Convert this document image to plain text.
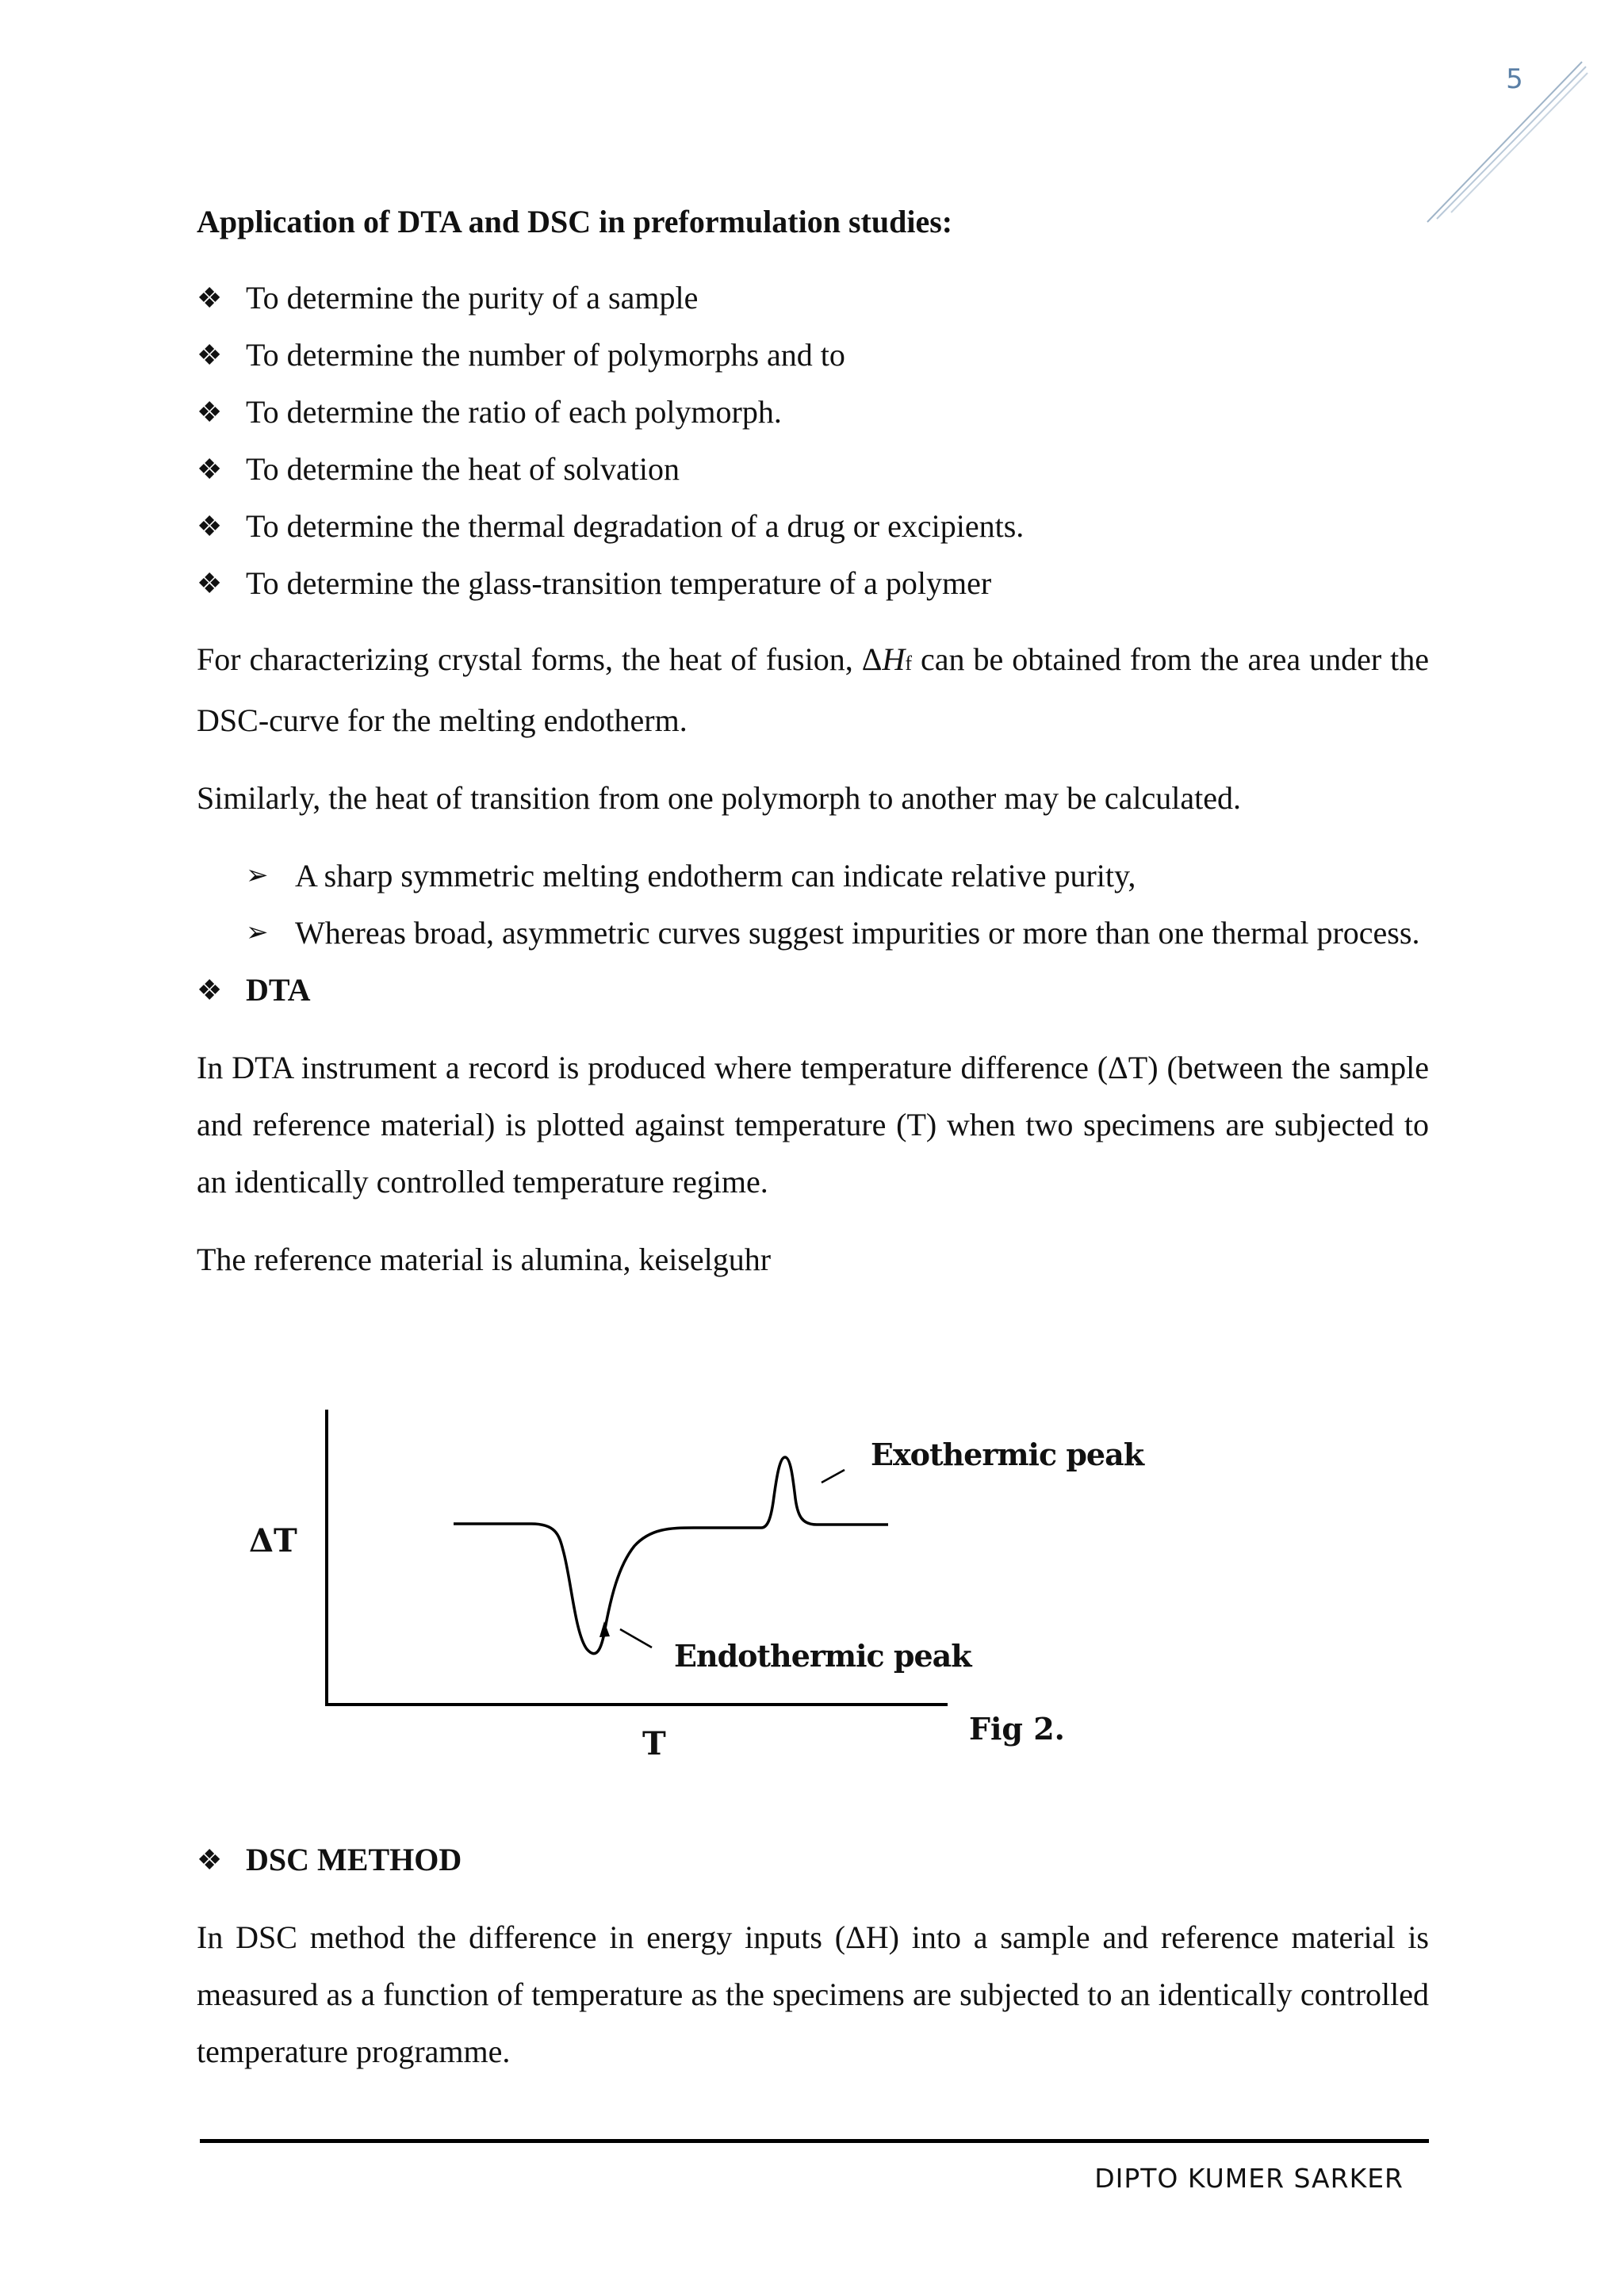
5

Application of DTA and DSC in preformulation studies:

❖ To determine the purity of a sample
❖ To determine the number of polymorphs and to
❖ To determine the ratio of each polymorph.
❖ To determine the heat of solvation
❖ To determine the thermal degradation of a drug or excipients.
❖ To determine the glass-transition temperature of a polymer

For characterizing crystal forms, the heat of fusion, ΔHf can be obtained from the area under the DSC-curve for the melting endotherm.

Similarly, the heat of transition from one polymorph to another may be calculated.

➢ A sharp symmetric melting endotherm can indicate relative purity,
➢ Whereas broad, asymmetric curves suggest impurities or more than one thermal process.

❖ DTA

In DTA instrument a record is produced where temperature difference (ΔT) (between the sample and reference material) is plotted against temperature (T) when two specimens are subjected to an identically controlled temperature regime.

The reference material is alumina, keiselguhr

ΔT
T
Exothermic peak
Endothermic peak
Fig 2.

❖ DSC METHOD

In DSC method the difference in energy inputs (ΔH) into a sample and reference material is measured as a function of temperature as the specimens are subjected to an identically controlled temperature programme.

DIPTO KUMER SARKER
